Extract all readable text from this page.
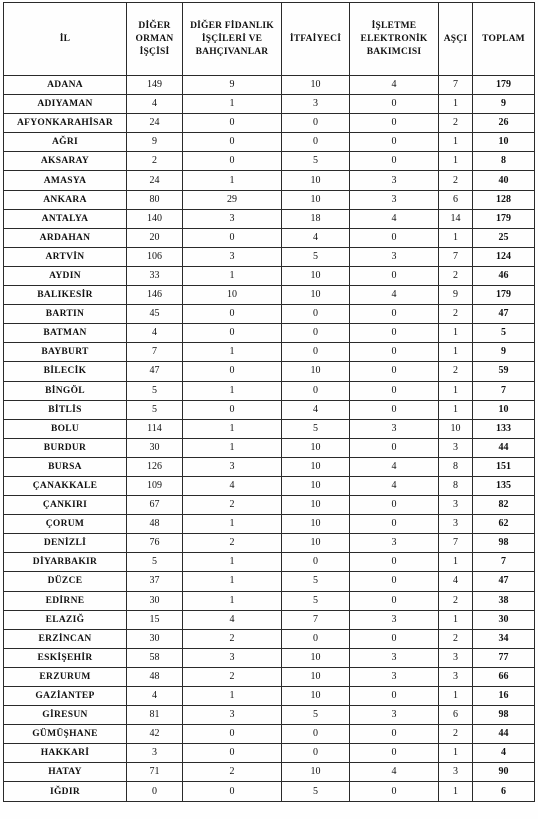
İL	DİĞER ORMAN İŞÇİSİ	DİĞER FİDANLIK İŞÇİLERİ VE BAHÇIVANLAR	İTFAİYECİ	İŞLETME ELEKTRONİK BAKIMCISI	AŞÇI	TOPLAM
ADANA	149	9	10	4	7	179
ADIYAMAN	4	1	3	0	1	9
AFYONKARAHİSAR	24	0	0	0	2	26
AĞRI	9	0	0	0	1	10
AKSARAY	2	0	5	0	1	8
AMASYA	24	1	10	3	2	40
ANKARA	80	29	10	3	6	128
ANTALYA	140	3	18	4	14	179
ARDAHAN	20	0	4	0	1	25
ARTVİN	106	3	5	3	7	124
AYDIN	33	1	10	0	2	46
BALIKESİR	146	10	10	4	9	179
BARTIN	45	0	0	0	2	47
BATMAN	4	0	0	0	1	5
BAYBURT	7	1	0	0	1	9
BİLECİK	47	0	10	0	2	59
BİNGÖL	5	1	0	0	1	7
BİTLİS	5	0	4	0	1	10
BOLU	114	1	5	3	10	133
BURDUR	30	1	10	0	3	44
BURSA	126	3	10	4	8	151
ÇANAKKALE	109	4	10	4	8	135
ÇANKIRI	67	2	10	0	3	82
ÇORUM	48	1	10	0	3	62
DENİZLİ	76	2	10	3	7	98
DİYARBAKIR	5	1	0	0	1	7
DÜZCE	37	1	5	0	4	47
EDİRNE	30	1	5	0	2	38
ELAZIĞ	15	4	7	3	1	30
ERZİNCAN	30	2	0	0	2	34
ESKİŞEHİR	58	3	10	3	3	77
ERZURUM	48	2	10	3	3	66
GAZİANTEP	4	1	10	0	1	16
GİRESUN	81	3	5	3	6	98
GÜMÜŞHANE	42	0	0	0	2	44
HAKKARİ	3	0	0	0	1	4
HATAY	71	2	10	4	3	90
IĞDIR	0	0	5	0	1	6
